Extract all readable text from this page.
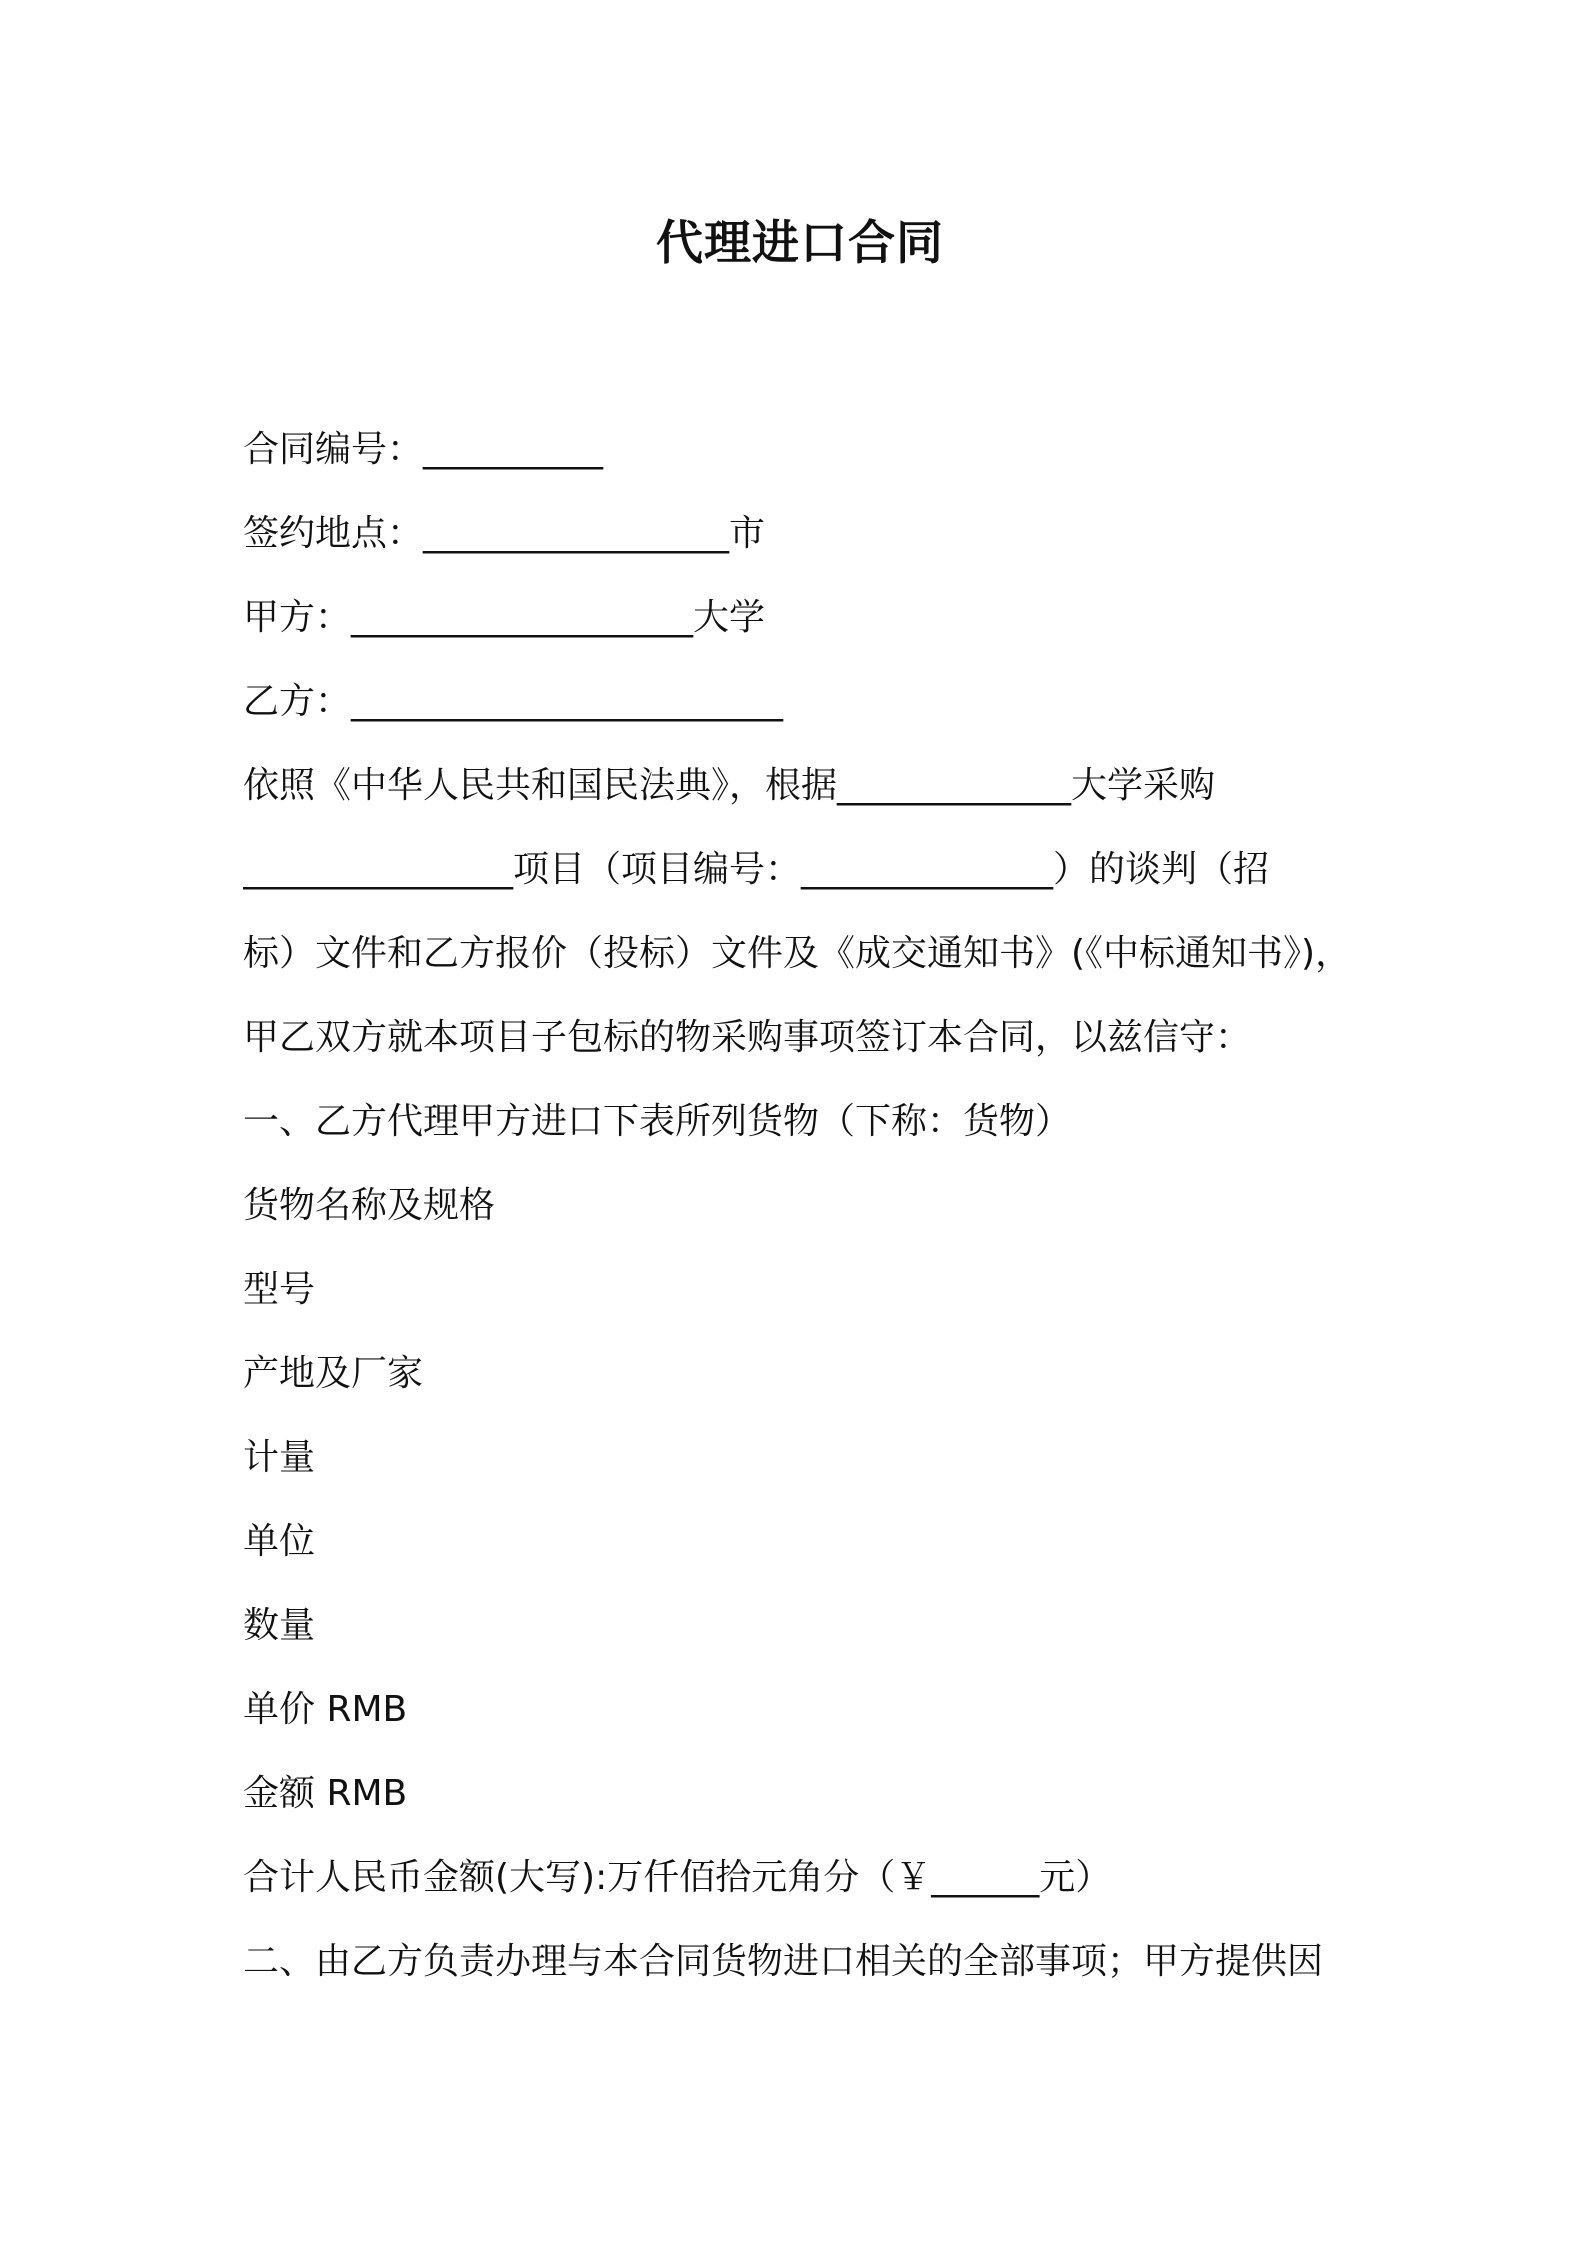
代理进口合同
合同编号：__________
签约地点：_________________市
甲方：___________________大学
乙方：________________________
依照《中华人民共和国民法典》，根据_____________大学采购
_______________项目（项目编号：______________）的谈判（招
标）文件和乙方报价（投标）文件及《成交通知书》(《中标通知书》)，
甲乙双方就本项目子包标的物采购事项签订本合同，以兹信守：
一、乙方代理甲方进口下表所列货物（下称：货物）
货物名称及规格
型号
产地及厂家
计量
单位
数量
单价 RMB
金额 RMB
合计人民币金额(大写):万仟佰拾元角分（￥______元）
二、由乙方负责办理与本合同货物进口相关的全部事项；甲方提供因
